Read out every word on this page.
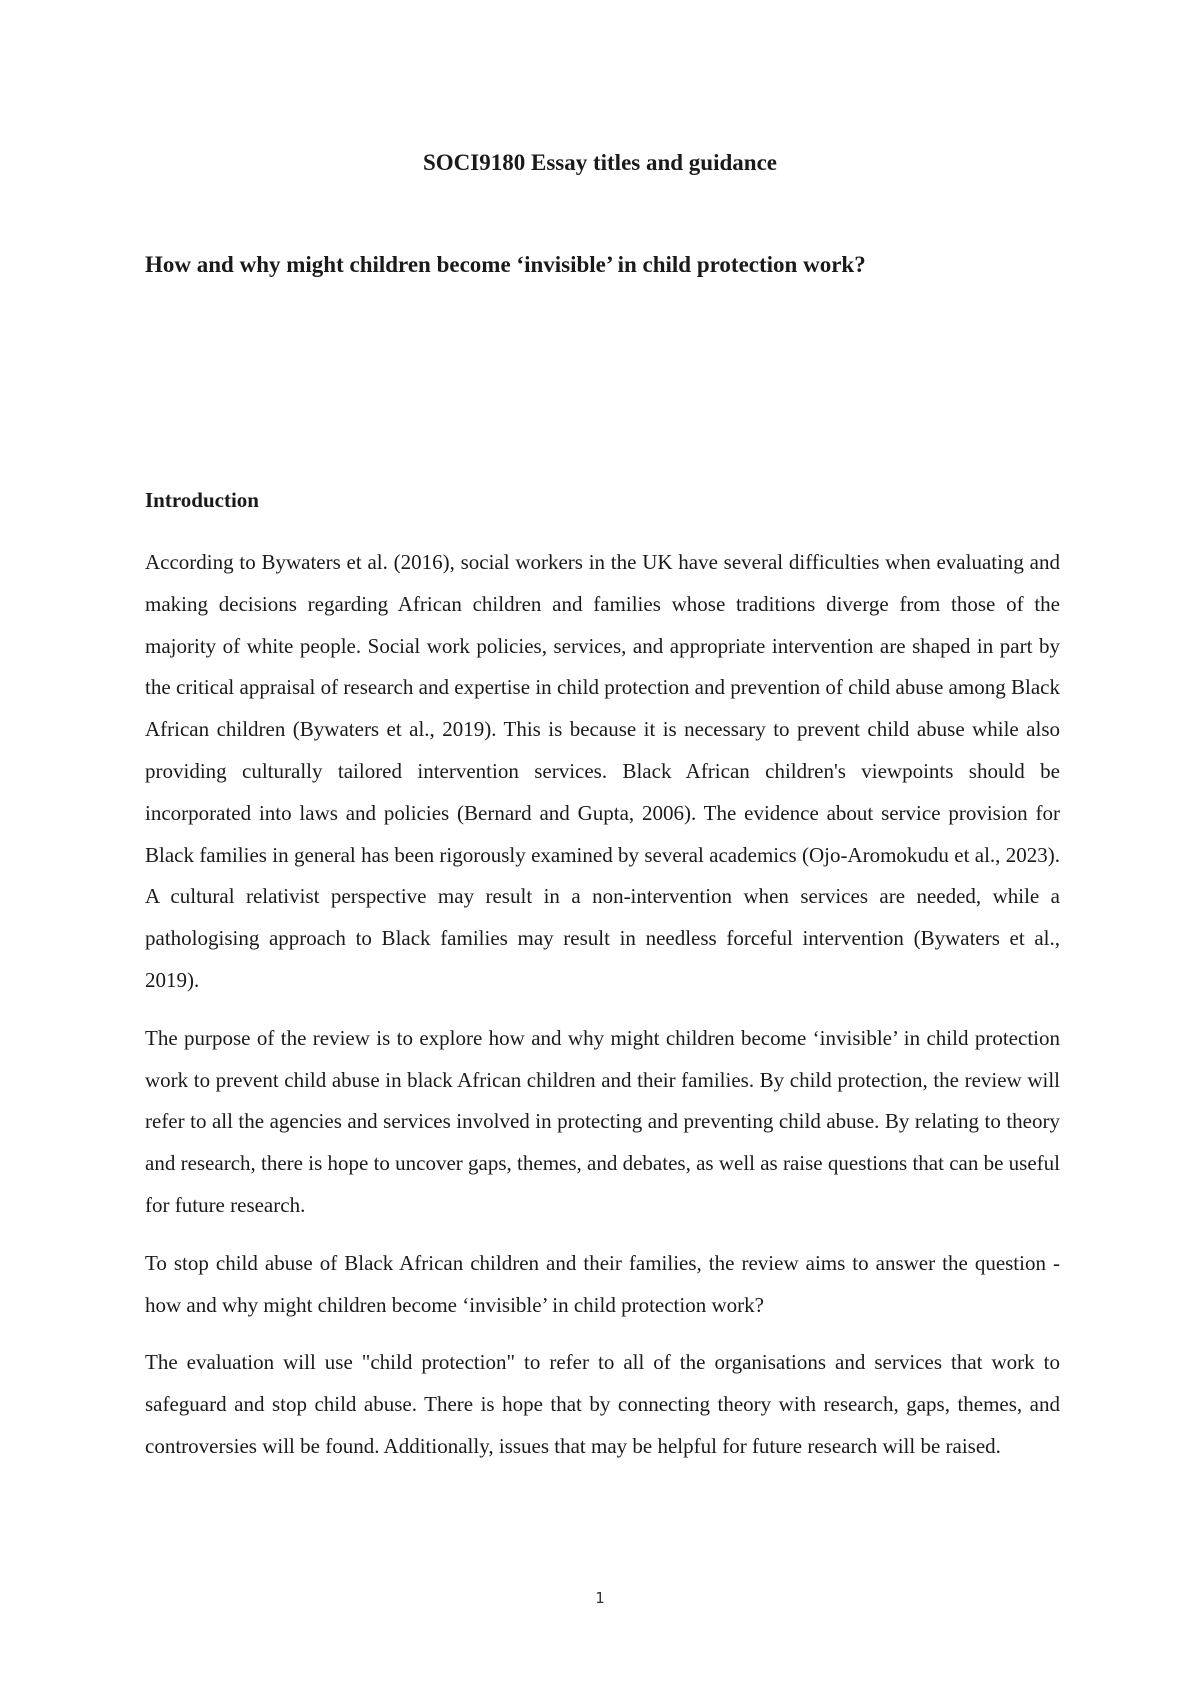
SOCI9180 Essay titles and guidance
How and why might children become ‘invisible’ in child protection work?
Introduction

According to Bywaters et al. (2016), social workers in the UK have several difficulties when evaluating and making decisions regarding African children and families whose traditions diverge from those of the majority of white people. Social work policies, services, and appropriate intervention are shaped in part by the critical appraisal of research and expertise in child protection and prevention of child abuse among Black African children (Bywaters et al., 2019). This is because it is necessary to prevent child abuse while also providing culturally tailored intervention services. Black African children's viewpoints should be incorporated into laws and policies (Bernard and Gupta, 2006). The evidence about service provision for Black families in general has been rigorously examined by several academics (Ojo-Aromokudu et al., 2023). A cultural relativist perspective may result in a non-intervention when services are needed, while a pathologising approach to Black families may result in needless forceful intervention (Bywaters et al., 2019).

The purpose of the review is to explore how and why might children become ‘invisible’ in child protection work to prevent child abuse in black African children and their families. By child protection, the review will refer to all the agencies and services involved in protecting and preventing child abuse. By relating to theory and research, there is hope to uncover gaps, themes, and debates, as well as raise questions that can be useful for future research.

To stop child abuse of Black African children and their families, the review aims to answer the question - how and why might children become ‘invisible’ in child protection work?

The evaluation will use "child protection" to refer to all of the organisations and services that work to safeguard and stop child abuse. There is hope that by connecting theory with research, gaps, themes, and controversies will be found. Additionally, issues that may be helpful for future research will be raised.

1
